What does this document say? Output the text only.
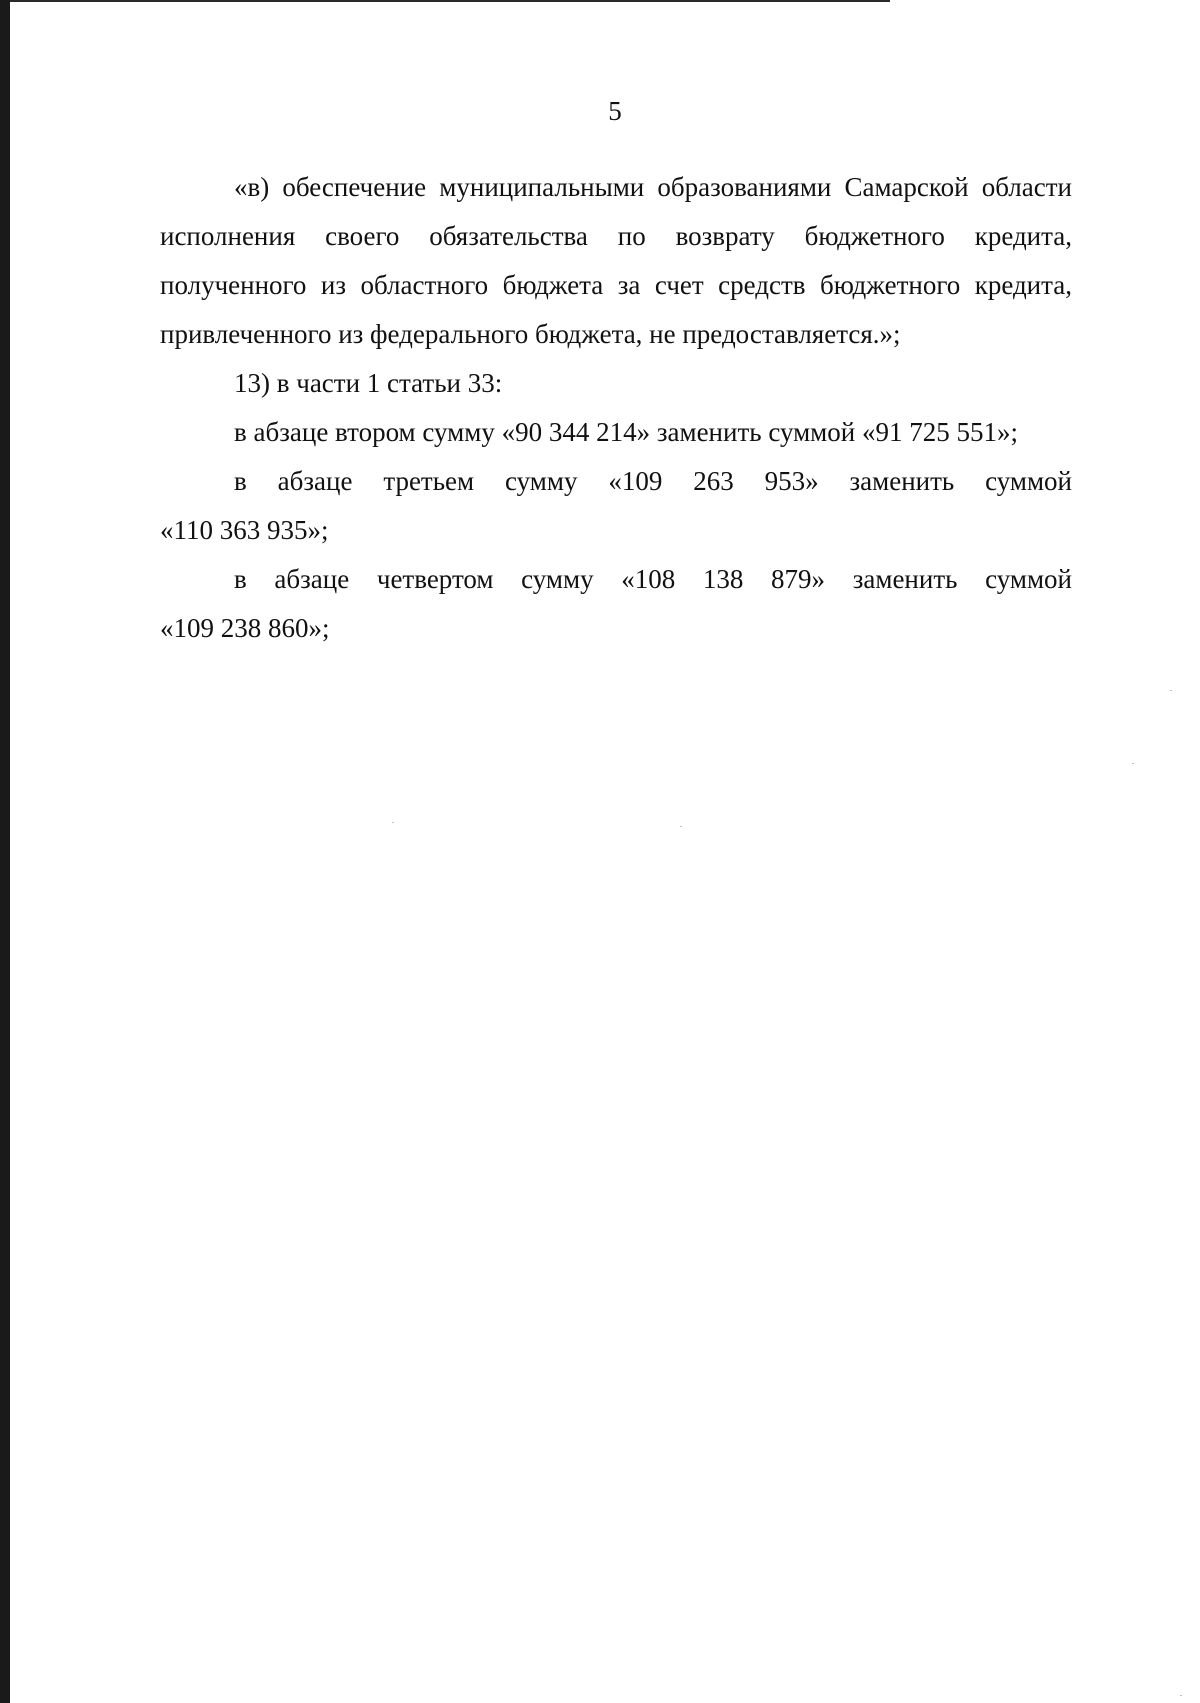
5

«в) обеспечение муниципальными образованиями Самарской области исполнения своего обязательства по возврату бюджетного кредита, полученного из областного бюджета за счет средств бюджетного кредита, привлеченного из федерального бюджета, не предоставляется.»;

13) в части 1 статьи 33:

в абзаце втором сумму «90 344 214» заменить суммой «91 725 551»;

в абзаце третьем сумму «109 263 953» заменить суммой
«110 363 935»;

в абзаце четвертом сумму «108 138 879» заменить суммой
«109 238 860»;
